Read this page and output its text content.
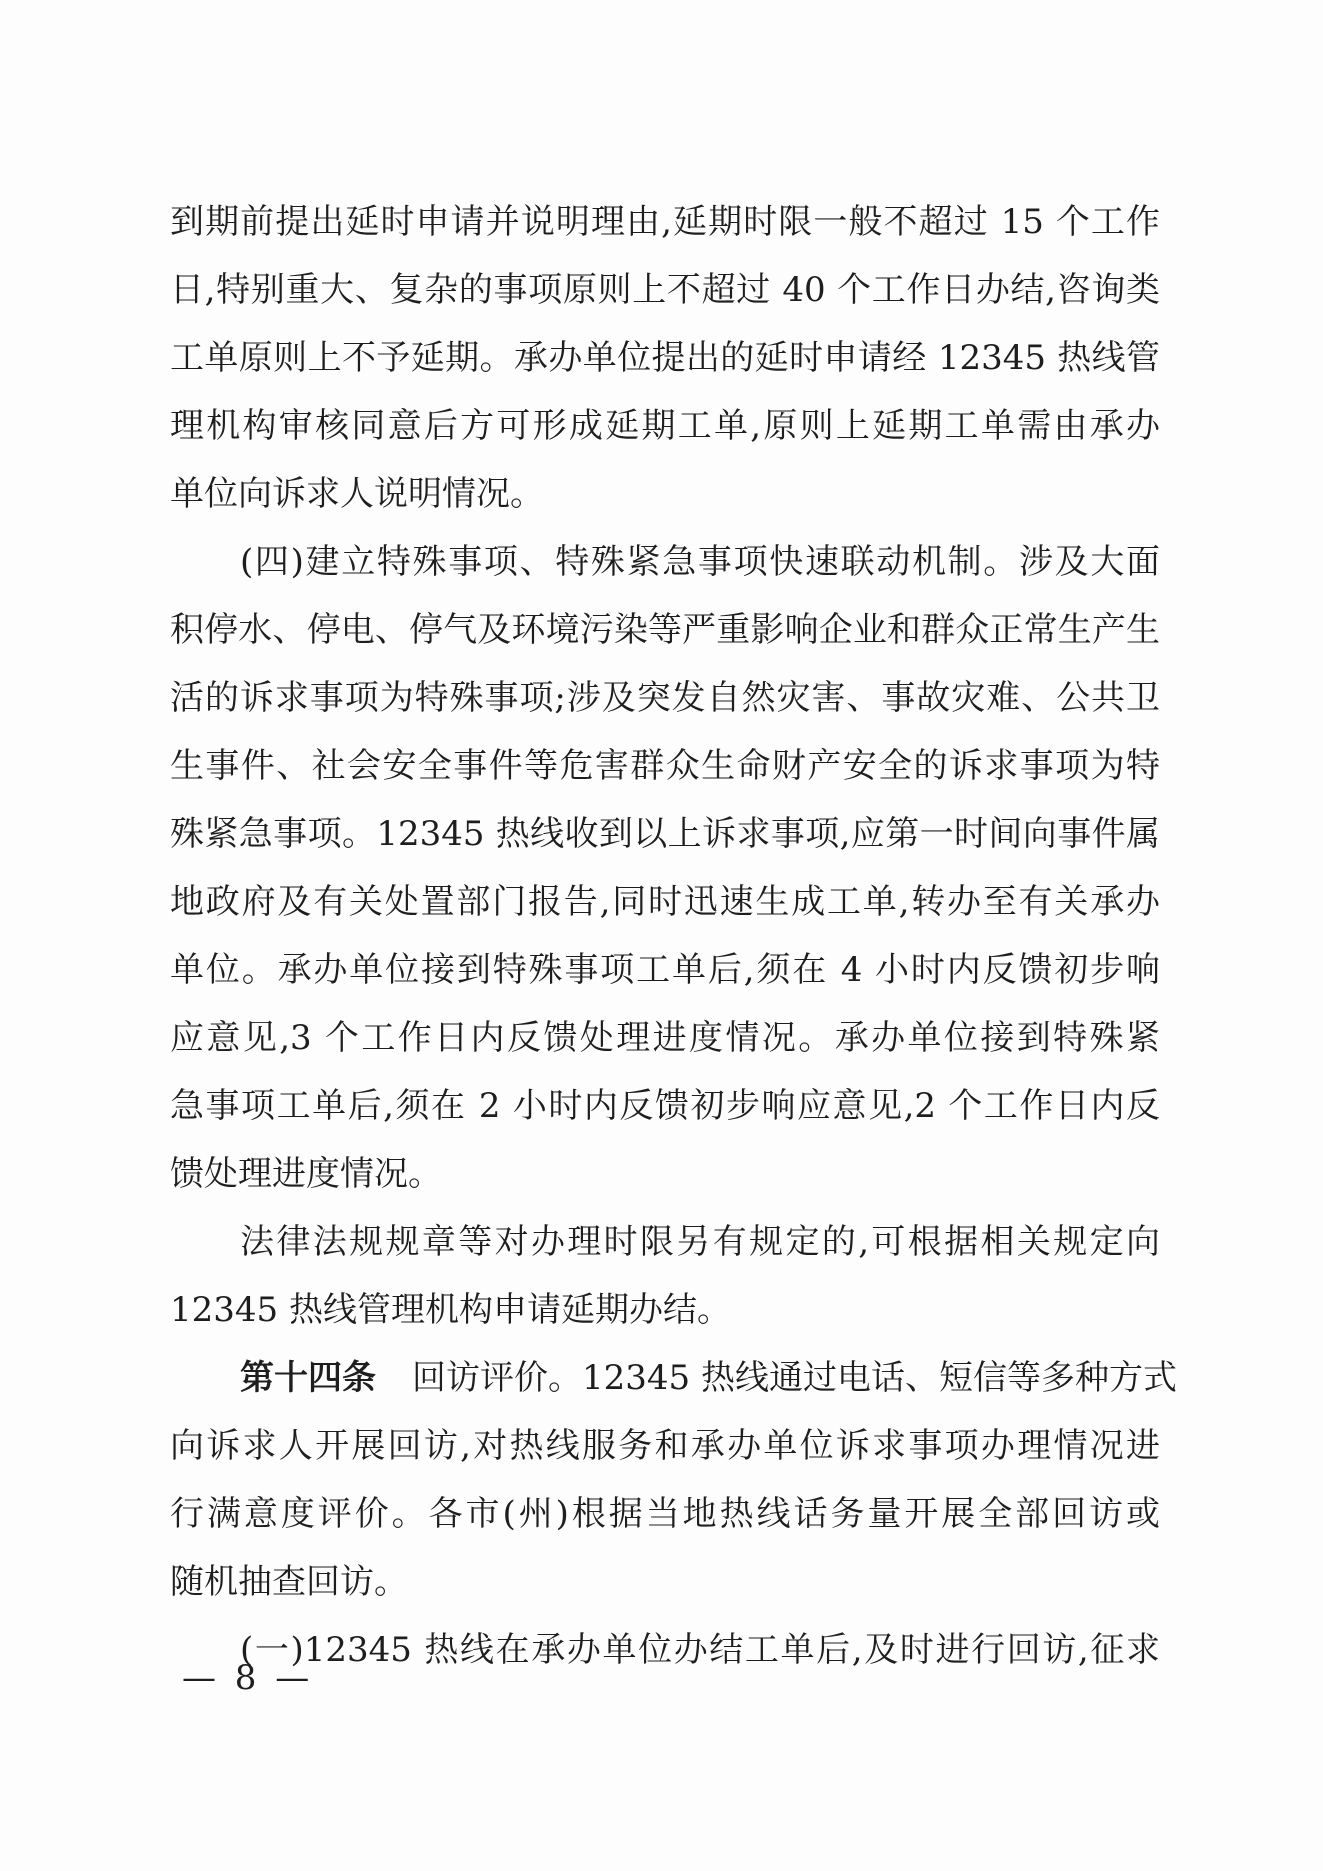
到期前提出延时申请并说明理由,延期时限一般不超过 15 个工作
日,特别重大、复杂的事项原则上不超过 40 个工作日办结,咨询类
工单原则上不予延期。承办单位提出的延时申请经 12345 热线管
理机构审核同意后方可形成延期工单,原则上延期工单需由承办
单位向诉求人说明情况。
(四)建立特殊事项、特殊紧急事项快速联动机制。涉及大面
积停水、停电、停气及环境污染等严重影响企业和群众正常生产生
活的诉求事项为特殊事项;涉及突发自然灾害、事故灾难、公共卫
生事件、社会安全事件等危害群众生命财产安全的诉求事项为特
殊紧急事项。12345 热线收到以上诉求事项,应第一时间向事件属
地政府及有关处置部门报告,同时迅速生成工单,转办至有关承办
单位。承办单位接到特殊事项工单后,须在 4 小时内反馈初步响
应意见,3 个工作日内反馈处理进度情况。承办单位接到特殊紧
急事项工单后,须在 2 小时内反馈初步响应意见,2 个工作日内反
馈处理进度情况。
法律法规规章等对办理时限另有规定的,可根据相关规定向
12345 热线管理机构申请延期办结。
第十四条 回访评价。12345 热线通过电话、短信等多种方式
向诉求人开展回访,对热线服务和承办单位诉求事项办理情况进
行满意度评价。各市(州)根据当地热线话务量开展全部回访或
随机抽查回访。
(一)12345 热线在承办单位办结工单后,及时进行回访,征求
— 8 —
